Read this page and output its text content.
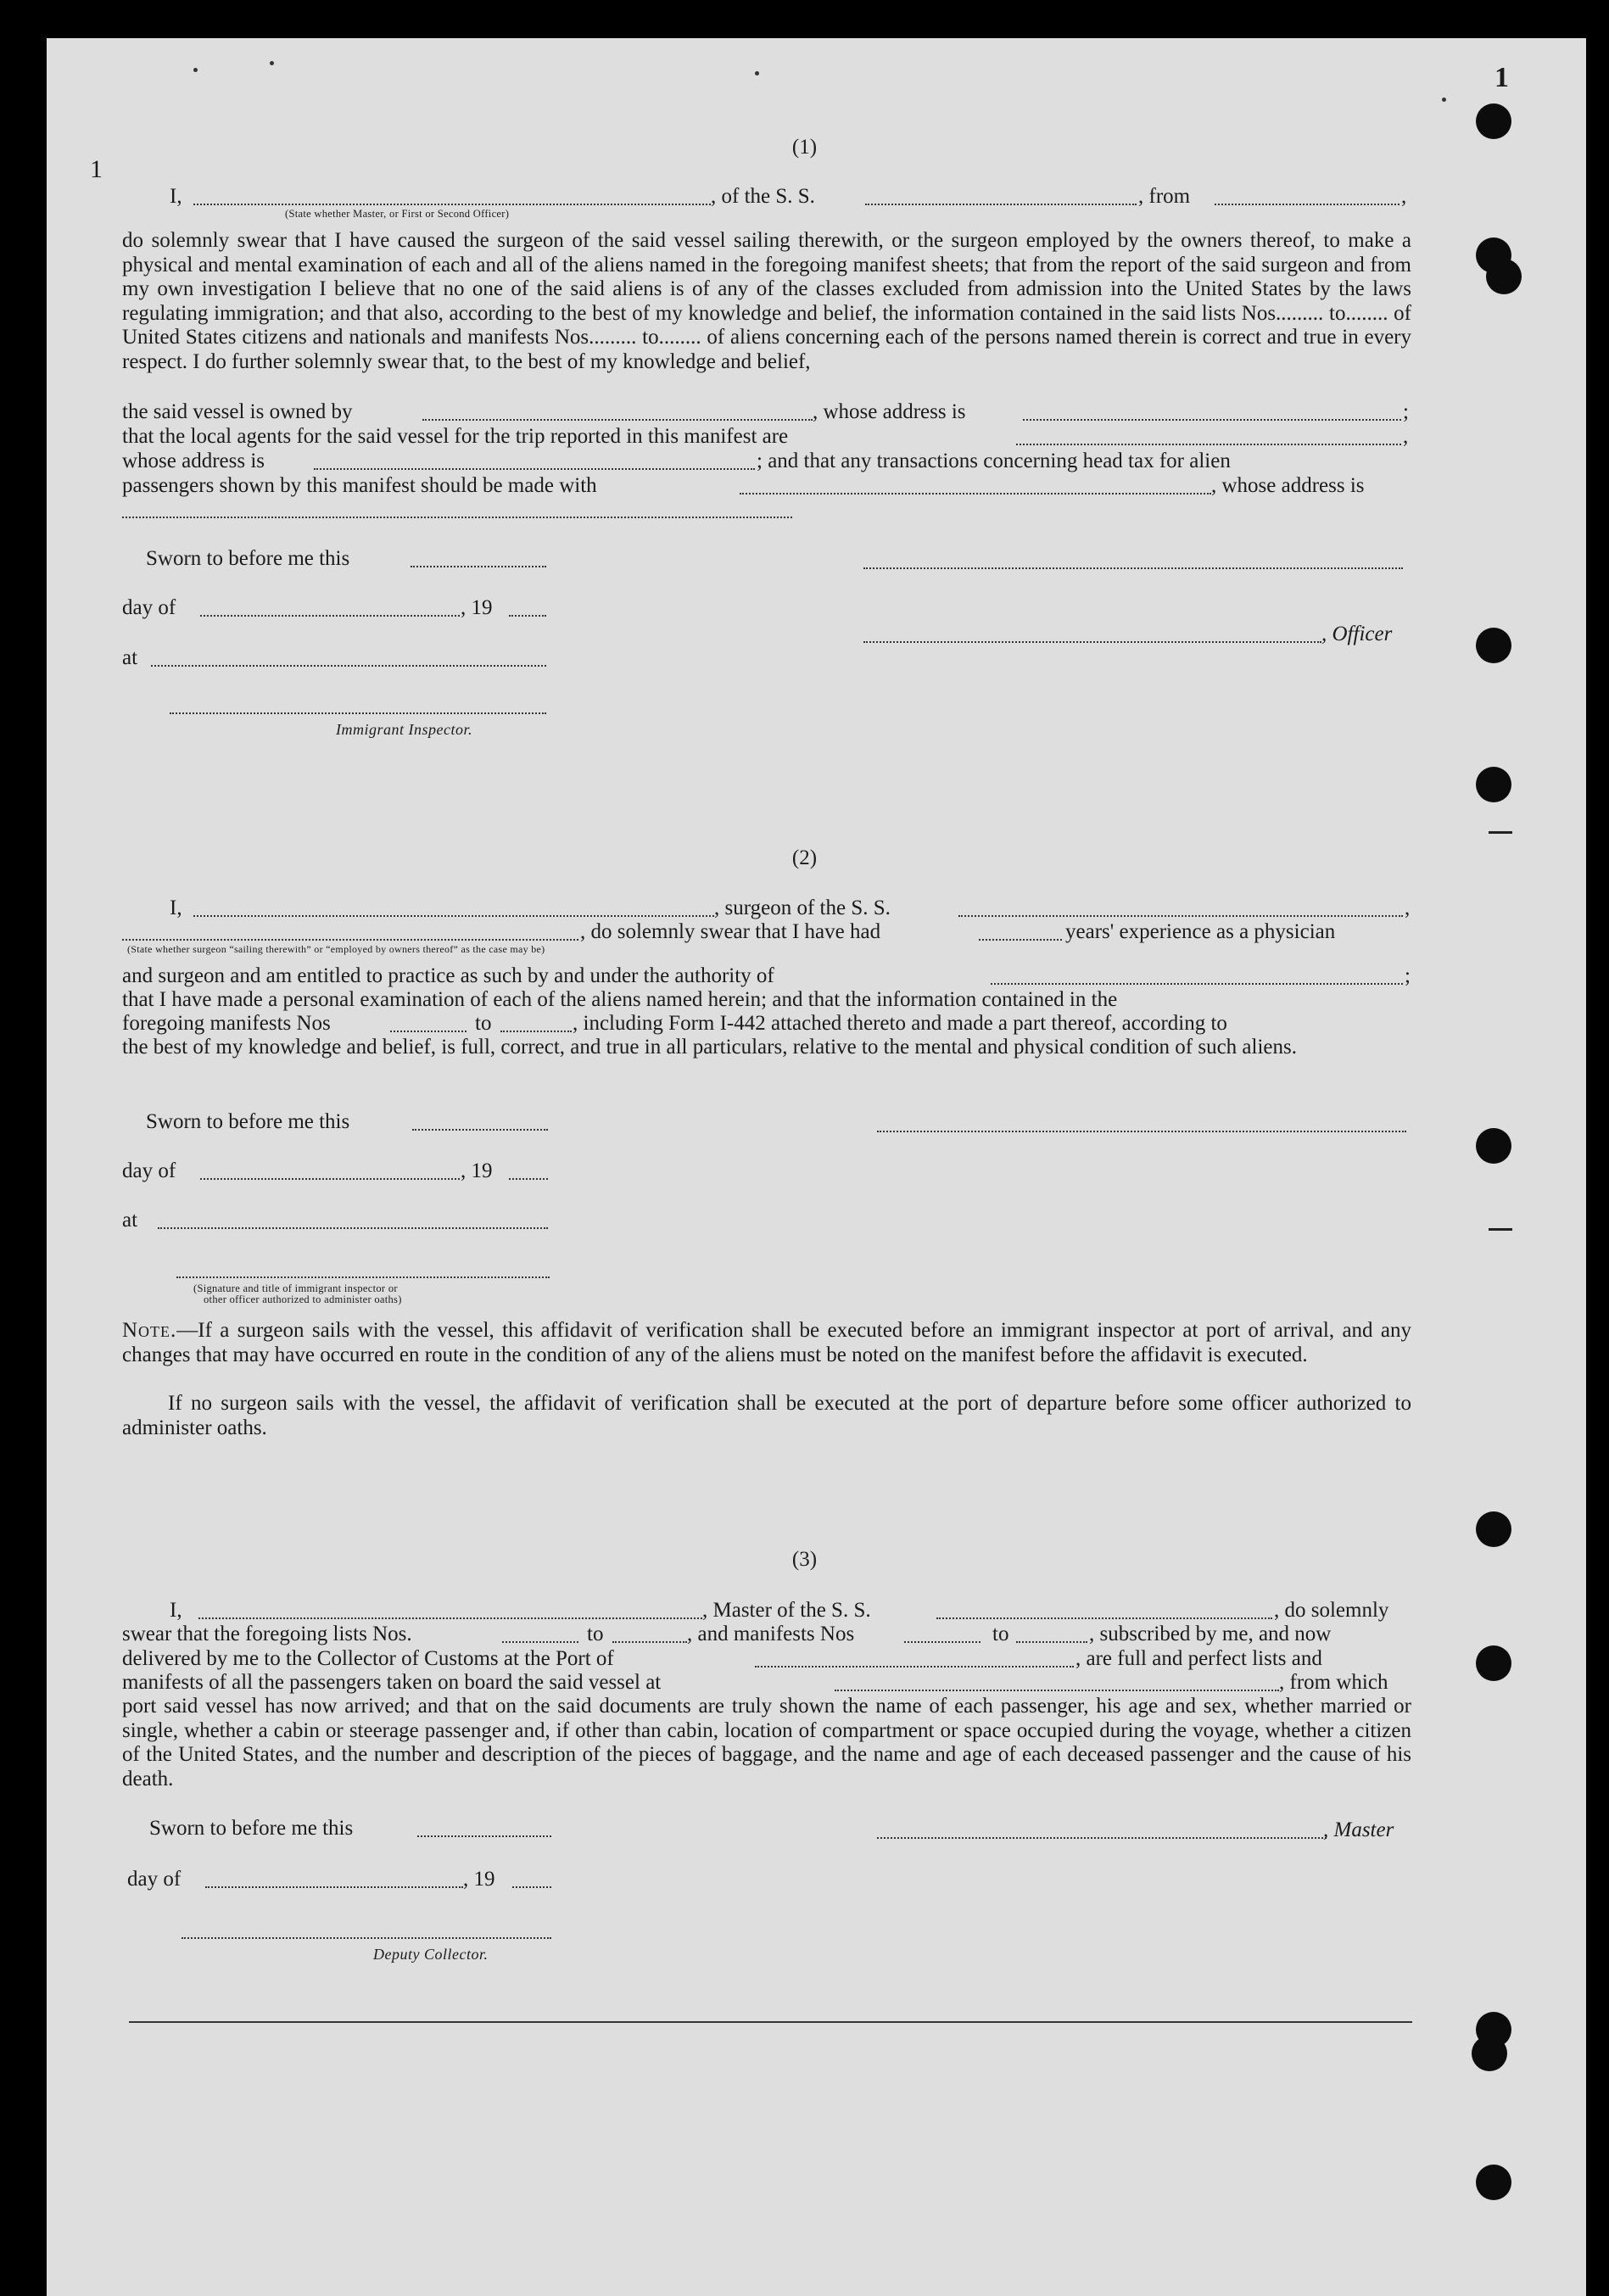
1
1
(1)
I,	, of the S. S.	, from	,
(State whether Master, or First or Second Officer)
do solemnly swear that I have caused the surgeon of the said vessel sailing therewith, or the surgeon employed by the owners thereof, to make a physical and mental examination of each and all of the aliens named in the foregoing manifest sheets; that from the report of the said surgeon and from my own investigation I believe that no one of the said aliens is of any of the classes excluded from admission into the United States by the laws regulating immigration; and that also, according to the best of my knowledge and belief, the information contained in the said lists Nos......... to........ of United States citizens and nationals and manifests Nos......... to........ of aliens concerning each of the persons named therein is correct and true in every respect. I do further solemnly swear that, to the best of my knowledge and belief,
the said vessel is owned by	, whose address is	;
that the local agents for the said vessel for the trip reported in this manifest are	,
whose address is	; and that any transactions concerning head tax for alien
passengers shown by this manifest should be made with	, whose address is
Sworn to before me this
day of	, 19
, Officer
at
Immigrant Inspector.
(2)
I,	, surgeon of the S. S.	,
, do solemnly swear that I have had	years' experience as a physician
(State whether surgeon “sailing therewith” or “employed by owners thereof” as the case may be)
and surgeon and am entitled to practice as such by and under the authority of	;
that I have made a personal examination of each of the aliens named herein; and that the information contained in the
foregoing manifests Nos	to	, including Form I-442 attached thereto and made a part thereof, according to
the best of my knowledge and belief, is full, correct, and true in all particulars, relative to the mental and physical condition of such aliens.
Sworn to before me this
day of	, 19
at
(Signature and title of immigrant inspector or
other officer authorized to administer oaths)
Note.—If a surgeon sails with the vessel, this affidavit of verification shall be executed before an immigrant inspector at port of arrival, and any changes that may have occurred en route in the condition of any of the aliens must be noted on the manifest before the affidavit is executed.
If no surgeon sails with the vessel, the affidavit of verification shall be executed at the port of departure before some officer authorized to administer oaths.
(3)
I,	, Master of the S. S.	, do solemnly
swear that the foregoing lists Nos.	to	, and manifests Nos	to	, subscribed by me, and now
delivered by me to the Collector of Customs at the Port of	, are full and perfect lists and
manifests of all the passengers taken on board the said vessel at	, from which
port said vessel has now arrived; and that on the said documents are truly shown the name of each passenger, his age and sex, whether married or single, whether a cabin or steerage passenger and, if other than cabin, location of compartment or space occupied during the voyage, whether a citizen of the United States, and the number and description of the pieces of baggage, and the name and age of each deceased passenger and the cause of his death.
Sworn to before me this	, Master
day of	, 19
Deputy Collector.
